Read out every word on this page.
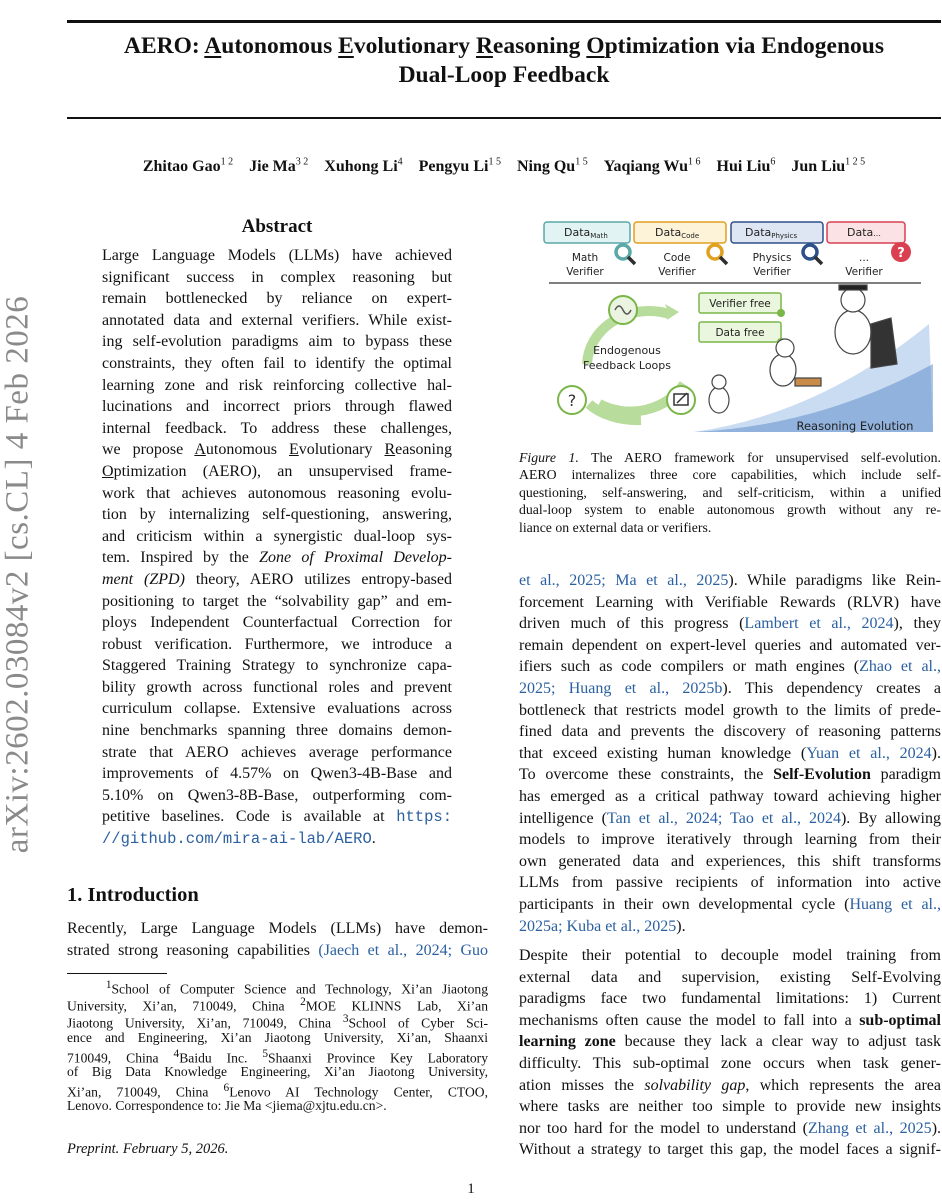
AERO: Autonomous Evolutionary Reasoning Optimization via Endogenous
Dual-Loop Feedback
Zhitao Gao$^{1 2}$ Jie $Ma^{3 2}$ Xuhong Li$^4$ Pengyu $Li^{1 5}$ Ning $Qu^{1 5}$ Yaqiang $Wu^{1 6}$ Hui Liu$^6$ Jun Liu$^{1 2 5}$
arXiv:2602.03084v2 [cs.CL] 4 Feb 2026
Abstract
Large Language Models (LLMs) have achieved
significant success in complex reasoning but
remain bottlenecked by reliance on expert-
annotated data and external verifiers. While exist-
ing self-evolution paradigms aim to bypass these
constraints, they often fail to identify the optimal
learning zone and risk reinforcing collective hal-
lucinations and incorrect priors through flawed
internal feedback. To address these challenges,
we propose Autonomous Evolutionary Reasoning
Optimization (AERO), an unsupervised frame-
work that achieves autonomous reasoning evolu-
tion by internalizing self-questioning, answering,
and criticism within a synergistic dual-loop sys-
tem. Inspired by the Zone of Proximal Develop-
ment (ZPD) theory, AERO utilizes entropy-based
positioning to target the “solvability gap” and em-
ploys Independent Counterfactual Correction for
robust verification. Furthermore, we introduce a
Staggered Training Strategy to synchronize capa-
bility growth across functional roles and prevent
curriculum collapse. Extensive evaluations across
nine benchmarks spanning three domains demon-
strate that AERO achieves average performance
improvements of 4.57% on Qwen3-4B-Base and
5.10% on Qwen3-8B-Base, outperforming com-
petitive baselines. Code is available at https:
//github.com/mira-ai-lab/AERO.
1. Introduction
Recently, Large Language Models (LLMs) have demon-
strated strong reasoning capabilities (Jaech et al., 2024; Guo
$^1$School of Computer Science and Technology, Xi’an Jiaotong
University, Xi’an, 710049, China $^2$MOE KLINNS Lab, Xi’an
Jiaotong University, Xi’an, 710049, China $^3$School of Cyber Sci-
ence and Engineering, Xi’an Jiaotong University, Xi’an, Shaanxi
710049, China $^4$Baidu Inc. $^5$Shaanxi Province Key Laboratory
of Big Data Knowledge Engineering, Xi’an Jiaotong University,
Xi’an, 710049, China $^6$Lenovo AI Technology Center, CTOO,
Lenovo. Correspondence to: Jie Ma <jiema@xjtu.edu.cn>.
Preprint. February 5, 2026.
1
DataMath	DataCode	DataPhysics	Data...
Math Verifier
Code Verifier
Physics Verifier
... Verifier
?
?
Endogenous Feedback Loops
Verifier free
Data free
Reasoning Evolution
Figure 1. The AERO framework for unsupervised self-evolution.
AERO internalizes three core capabilities, which include self-
questioning, self-answering, and self-criticism, within a unified
dual-loop system to enable autonomous growth without any re-
liance on external data or verifiers.
et al., 2025; Ma et al., 2025). While paradigms like Rein-
forcement Learning with Verifiable Rewards (RLVR) have
driven much of this progress (Lambert et al., 2024), they
remain dependent on expert-level queries and automated ver-
ifiers such as code compilers or math engines (Zhao et al.,
2025; Huang et al., 2025b). This dependency creates a
bottleneck that restricts model growth to the limits of prede-
fined data and prevents the discovery of reasoning patterns
that exceed existing human knowledge (Yuan et al., 2024).
To overcome these constraints, the Self-Evolution paradigm
has emerged as a critical pathway toward achieving higher
intelligence (Tan et al., 2024; Tao et al., 2024). By allowing
models to improve iteratively through learning from their
own generated data and experiences, this shift transforms
LLMs from passive recipients of information into active
participants in their own developmental cycle (Huang et al.,
2025a; Kuba et al., 2025).
Despite their potential to decouple model training from
external data and supervision, existing Self-Evolving
paradigms face two fundamental limitations: 1) Current
mechanisms often cause the model to fall into a sub-optimal
learning zone because they lack a clear way to adjust task
difficulty. This sub-optimal zone occurs when task gener-
ation misses the solvability gap, which represents the area
where tasks are neither too simple to provide new insights
nor too hard for the model to understand (Zhang et al., 2025).
Without a strategy to target this gap, the model faces a signif-
